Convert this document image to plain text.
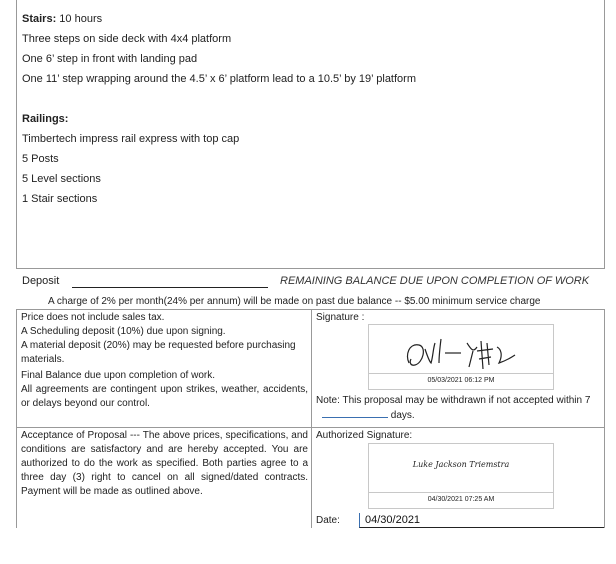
Stairs: 10 hours
Three steps on side deck with 4x4 platform
One 6’ step in front with landing pad
One 11’ step wrapping around the 4.5’ x 6’ platform lead to a 10.5’ by 19’ platform
Railings:
Timbertech impress rail express with top cap
5 Posts
5 Level sections
1 Stair sections
Deposit	REMAINING BALANCE DUE UPON COMPLETION OF WORK
A charge of 2% per month(24% per annum) will be made on past due balance -- $5.00 minimum service charge
Price does not include sales tax.
A Scheduling deposit (10%) due upon signing.
A material deposit (20%) may be requested before purchasing materials.
Final Balance due upon completion of work.
All agreements are contingent upon strikes, weather, accidents, or delays beyond our control.
Signature :
05/03/2021 06:12 PM
Note: This proposal may be withdrawn if not accepted within 7  days.
Acceptance of Proposal --- The above prices, specifications, and conditions are satisfactory and are hereby accepted. You are authorized to do the work as specified. Both parties agree to a three day (3) right to cancel on all signed/dated contracts. Payment will be made as outlined above.
Authorized Signature:
Luke Jackson Triemstra
04/30/2021 07:25 AM
Date: 04/30/2021
